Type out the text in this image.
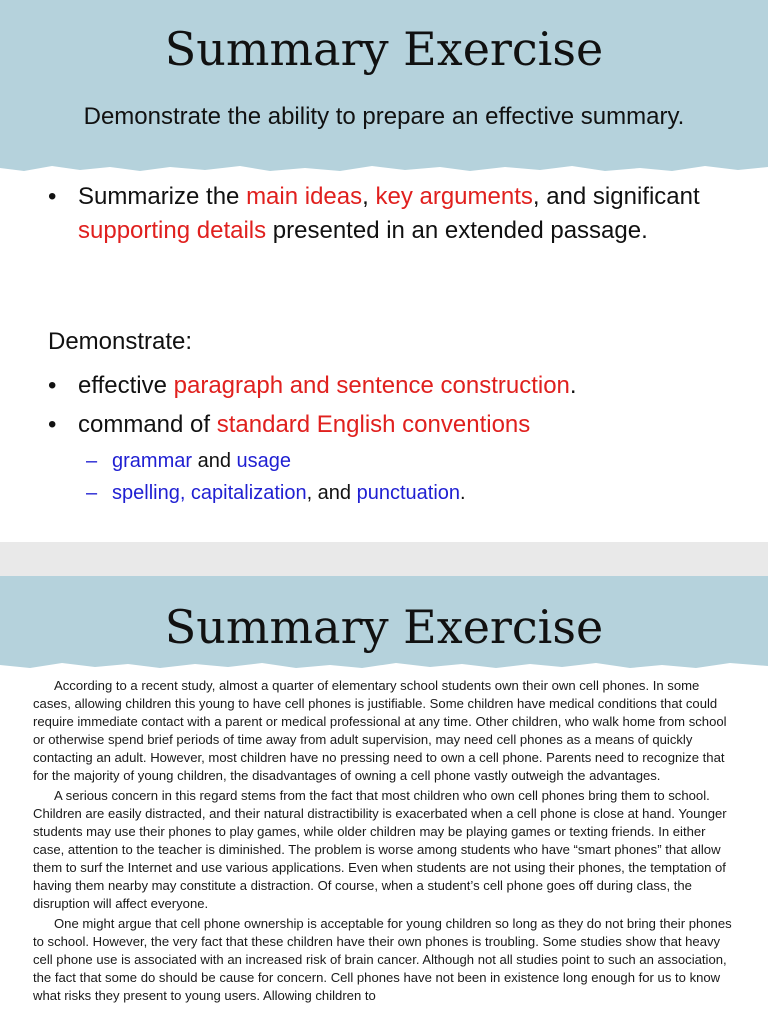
Summary Exercise
Demonstrate the ability to prepare an effective summary.
• Summarize the main ideas, key arguments, and significant supporting details presented in an extended passage.
Demonstrate:
• effective paragraph and sentence construction.
• command of standard English conventions
– grammar and usage
– spelling, capitalization, and punctuation.
Summary Exercise

According to a recent study, almost a quarter of elementary school students own their own cell phones. In some cases, allowing children this young to have cell phones is justifiable. Some children have medical conditions that could require immediate contact with a parent or medical professional at any time. Other children, who walk home from school or otherwise spend brief periods of time away from adult supervision, may need cell phones as a means of quickly contacting an adult. However, most children have no pressing need to own a cell phone. Parents need to recognize that for the majority of young children, the disadvantages of owning a cell phone vastly outweigh the advantages.

A serious concern in this regard stems from the fact that most children who own cell phones bring them to school. Children are easily distracted, and their natural distractibility is exacerbated when a cell phone is close at hand. Younger students may use their phones to play games, while older children may be playing games or texting friends. In either case, attention to the teacher is diminished. The problem is worse among students who have “smart phones” that allow them to surf the Internet and use various applications. Even when students are not using their phones, the temptation of having them nearby may constitute a distraction. Of course, when a student’s cell phone goes off during class, the disruption will affect everyone.

One might argue that cell phone ownership is acceptable for young children so long as they do not bring their phones to school. However, the very fact that these children have their own phones is troubling. Some studies show that heavy cell phone use is associated with an increased risk of brain cancer. Although not all studies point to such an association, the fact that some do should be cause for concern. Cell phones have not been in existence long enough for us to know what risks they present to young users. Allowing children to
